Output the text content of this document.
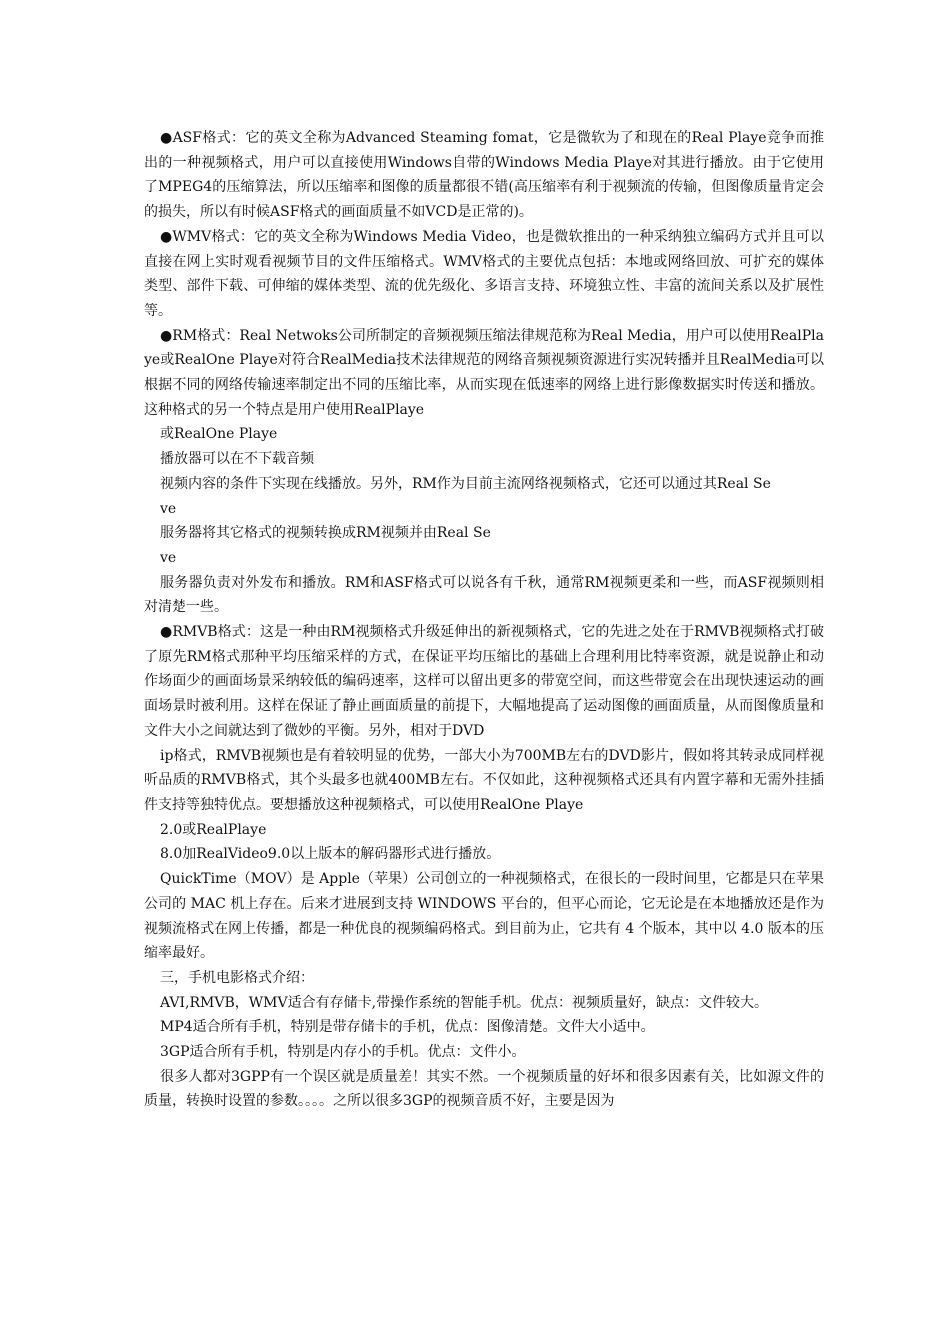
●ASF格式：它的英文全称为Advanced Steaming fomat，它是微软为了和现在的Real Playe竞争而推出的一种视频格式，用户可以直接使用Windows自带的Windows Media Playe对其进行播放。由于它使用了MPEG4的压缩算法，所以压缩率和图像的质量都很不错(高压缩率有利于视频流的传输，但图像质量肯定会的损失，所以有时候ASF格式的画面质量不如VCD是正常的)。

●WMV格式：它的英文全称为Windows Media Video，也是微软推出的一种采纳独立编码方式并且可以直接在网上实时观看视频节目的文件压缩格式。WMV格式的主要优点包括：本地或网络回放、可扩充的媒体类型、部件下载、可伸缩的媒体类型、流的优先级化、多语言支持、环境独立性、丰富的流间关系以及扩展性等。

●RM格式：Real Netwoks公司所制定的音频视频压缩法律规范称为Real Media，用户可以使用RealPlaye或RealOne Playe对符合RealMedia技术法律规范的网络音频视频资源进行实况转播并且RealMedia可以根据不同的网络传输速率制定出不同的压缩比率，从而实现在低速率的网络上进行影像数据实时传送和播放。这种格式的另一个特点是用户使用RealPlaye

或RealOne Playe

播放器可以在不下载音频

视频内容的条件下实现在线播放。另外，RM作为目前主流网络视频格式，它还可以通过其Real Se

ve

服务器将其它格式的视频转换成RM视频并由Real Se

ve

服务器负责对外发布和播放。RM和ASF格式可以说各有千秋，通常RM视频更柔和一些，而ASF视频则相对清楚一些。

●RMVB格式：这是一种由RM视频格式升级延伸出的新视频格式，它的先进之处在于RMVB视频格式打破了原先RM格式那种平均压缩采样的方式，在保证平均压缩比的基础上合理利用比特率资源，就是说静止和动作场面少的画面场景采纳较低的编码速率，这样可以留出更多的带宽空间，而这些带宽会在出现快速运动的画面场景时被利用。这样在保证了静止画面质量的前提下，大幅地提高了运动图像的画面质量，从而图像质量和文件大小之间就达到了微妙的平衡。另外，相对于DVD

ip格式，RMVB视频也是有着较明显的优势，一部大小为700MB左右的DVD影片，假如将其转录成同样视听品质的RMVB格式，其个头最多也就400MB左右。不仅如此，这种视频格式还具有内置字幕和无需外挂插件支持等独特优点。要想播放这种视频格式，可以使用RealOne Playe

2.0或RealPlaye

8.0加RealVideo9.0以上版本的解码器形式进行播放。

QuickTime（MOV）是 Apple（苹果）公司创立的一种视频格式，在很长的一段时间里，它都是只在苹果公司的 MAC 机上存在。后来才进展到支持 WINDOWS 平台的，但平心而论，它无论是在本地播放还是作为视频流格式在网上传播，都是一种优良的视频编码格式。到目前为止，它共有 4 个版本，其中以 4.0 版本的压缩率最好。

三，手机电影格式介绍：

AVI,RMVB，WMV适合有存储卡,带操作系统的智能手机。优点：视频质量好，缺点：文件较大。

MP4适合所有手机，特别是带存储卡的手机，优点：图像清楚。文件大小适中。

3GP适合所有手机，特别是内存小的手机。优点：文件小。

很多人都对3GPP有一个误区就是质量差！其实不然。一个视频质量的好坏和很多因素有关，比如源文件的质量，转换时设置的参数。。。。之所以很多3GP的视频音质不好，主要是因为
